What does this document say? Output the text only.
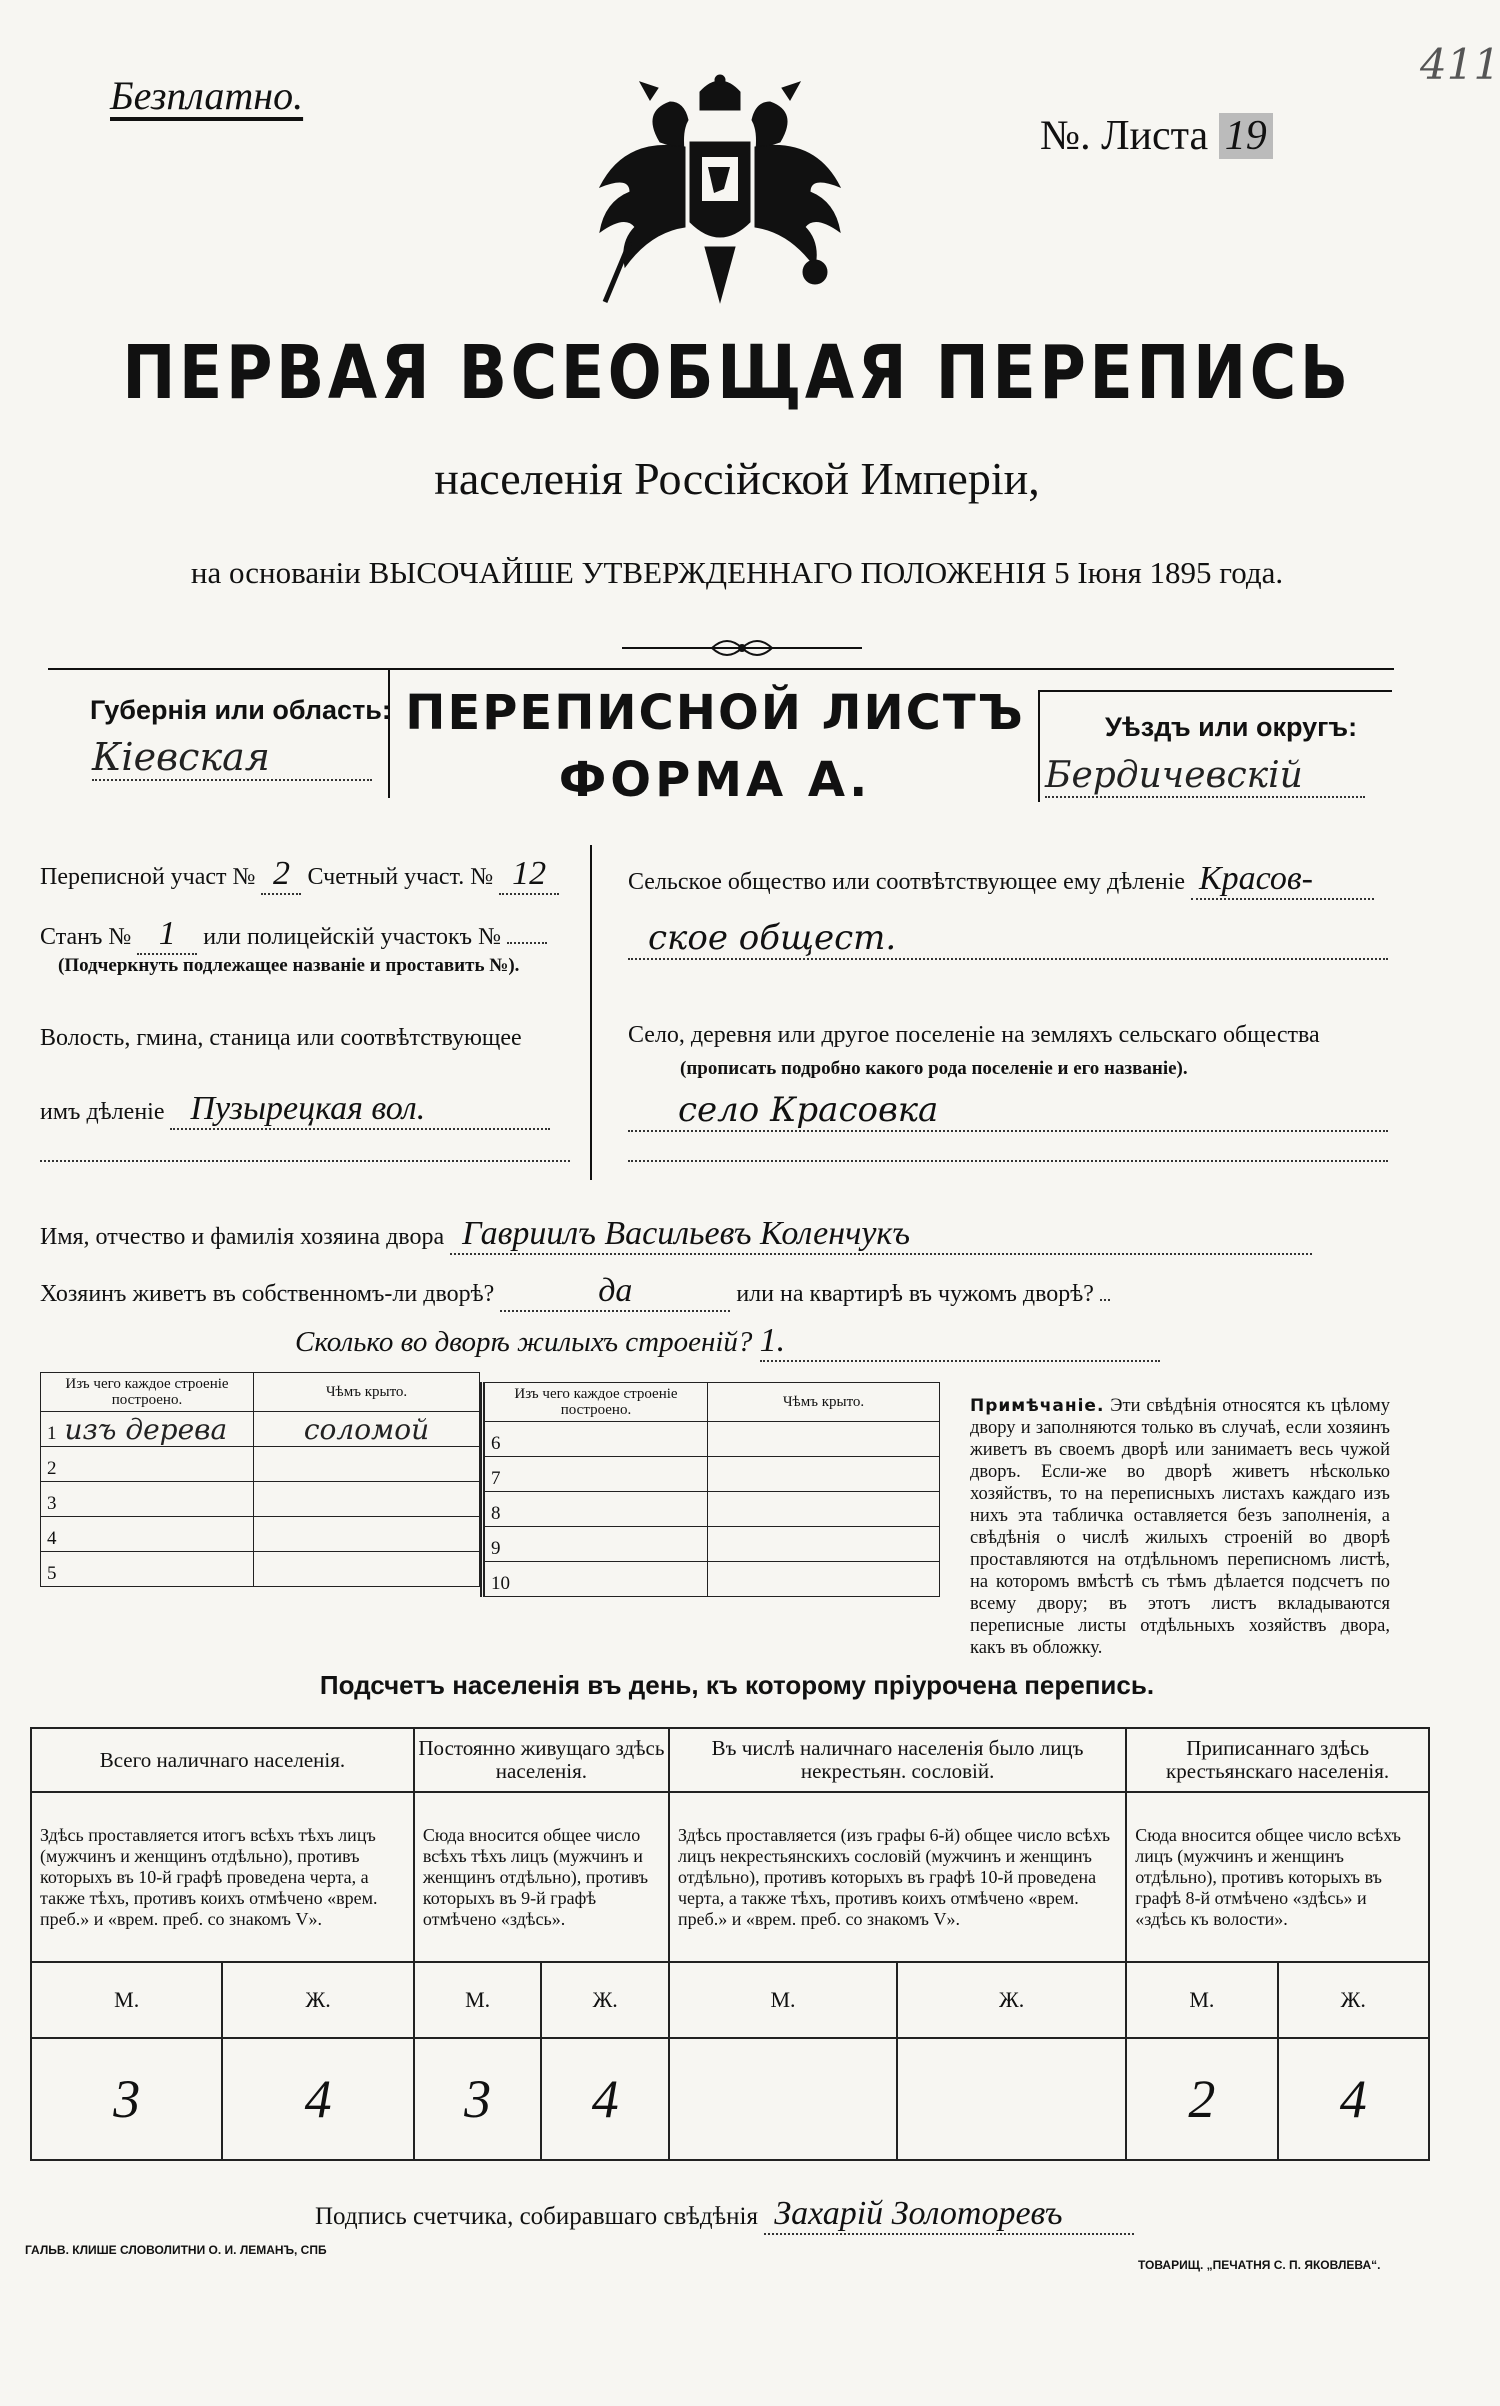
Безплатно.
№. Листа 19
411
ПЕРВАЯ ВСЕОБЩАЯ ПЕРЕПИСЬ
населенія Россійской Имперіи,
на основаніи ВЫСОЧАЙШЕ УТВЕРЖДЕННАГО ПОЛОЖЕНІЯ 5 Іюня 1895 года.
Губернія или область:
Кіевская
ПЕРЕПИСНОЙ ЛИСТЪ
ФОРМА А.
Уѣздъ или округъ:
Бердичевскій
Переписной участ № 2 Счетный участ. № 12
Станъ № 1 или полицейскій участокъ №
(Подчеркнуть подлежащее названіе и проставить №).
Волость, гмина, станица или соотвѣтствующее
имъ дѣленіе Пузырецкая вол.
Сельское общество или соотвѣтствующее ему дѣленіе Красов-
ское общест.
Село, деревня или другое поселеніе на земляхъ сельскаго общества
(прописать подробно какого рода поселеніе и его названіе).
село Красовка
Имя, отчество и фамилія хозяина двора Гавриилъ Васильевъ Коленчукъ
Хозяинъ живетъ въ собственномъ-ли дворѣ?	да	или на квартирѣ въ чужомъ дворѣ?
Сколько во дворѣ жилыхъ строеній? 1.
Изъ чего каждое строеніе построено.	Чѣмъ крыто.
1 изъ дерева	соломой
2	
3	
4	
5	
Изъ чего каждое строеніе построено.	Чѣмъ крыто.
6	
7	
8	
9	
10	
Примѣчаніе. Эти свѣдѣнія относятся къ цѣлому двору и заполняются только въ случаѣ, если хозяинъ живетъ въ своемъ дворѣ или занимаетъ весь чужой дворъ. Если-же во дворѣ живетъ нѣсколько хозяйствъ, то на переписныхъ листахъ каждаго изъ нихъ эта табличка оставляется безъ заполненія, а свѣдѣнія о числѣ жилыхъ строеній во дворѣ проставляются на отдѣльномъ переписномъ листѣ, на которомъ вмѣстѣ съ тѣмъ дѣлается подсчетъ по всему двору; въ этотъ листъ вкладываются переписные листы отдѣльныхъ хозяйствъ двора, какъ въ обложку.
Подсчетъ населенія въ день, къ которому пріурочена перепись.
Всего наличнаго населенія.		Постоянно живущаго здѣсь населенія.		Въ числѣ наличнаго населенія было лицъ некрестьян. сословій.		Приписаннаго здѣсь крестьянскаго населенія.	
Здѣсь проставляется итогъ всѣхъ тѣхъ лицъ (мужчинъ и женщинъ отдѣльно), противъ которыхъ въ 10-й графѣ проведена черта, а также тѣхъ, противъ коихъ отмѣчено «врем. преб.» и «врем. преб. со знакомъ V».		Сюда вносится общее число всѣхъ тѣхъ лицъ (мужчинъ и женщинъ отдѣльно), противъ которыхъ въ 9-й графѣ отмѣчено «здѣсь».		Здѣсь проставляется (изъ графы 6-й) общее число всѣхъ лицъ некрестьянскихъ сословій (мужчинъ и женщинъ отдѣльно), противъ которыхъ въ графѣ 10-й проведена черта, а также тѣхъ, противъ коихъ отмѣчено «врем. преб.» и «врем. преб. со знакомъ V».		Сюда вносится общее число всѣхъ лицъ (мужчинъ и женщинъ отдѣльно), противъ которыхъ въ графѣ 8-й отмѣчено «здѣсь» и «здѣсь къ волости».	
М.	Ж.	М.	Ж.	М.	Ж.	М.	Ж.
3	4	3	4			2	4
Подпись счетчика, собиравшаго свѣдѣнія Захарій Золоторевъ
ГАЛЬВ. КЛИШЕ СЛОВОЛИТНИ О. И. ЛЕМАНЪ, СПБ
ТОВАРИЩ. „ПЕЧАТНЯ С. П. ЯКОВЛЕВА“.
